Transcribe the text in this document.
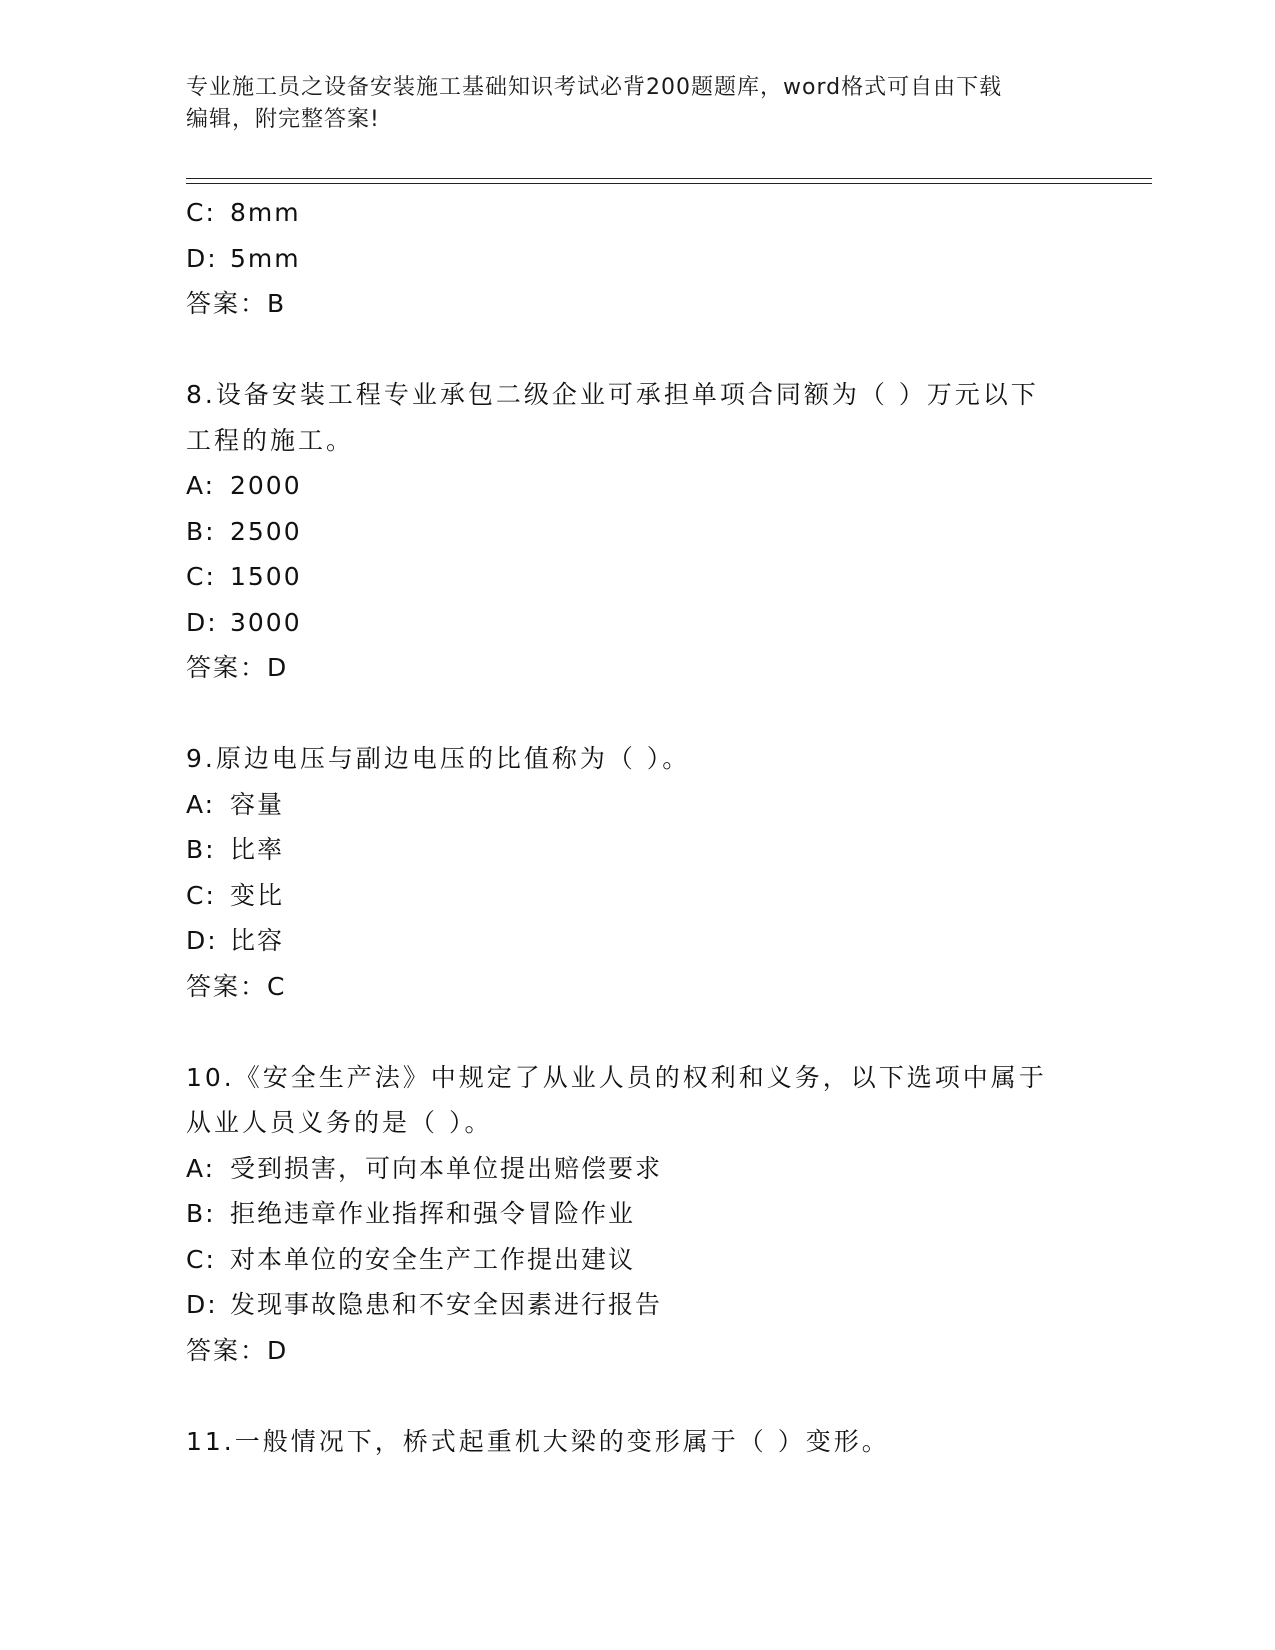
专业施工员之设备安装施工基础知识考试必背200题题库，word格式可自由下载
编辑，附完整答案!
C: 8mm
D: 5mm
答案：B
8.设备安装工程专业承包二级企业可承担单项合同额为（ ）万元以下
工程的施工。
A: 2000
B: 2500
C: 1500
D: 3000
答案：D
9.原边电压与副边电压的比值称为（ ）。
A: 容量
B: 比率
C: 变比
D: 比容
答案：C
10.《安全生产法》中规定了从业人员的权利和义务，以下选项中属于
从业人员义务的是（ ）。
A: 受到损害，可向本单位提出赔偿要求
B: 拒绝违章作业指挥和强令冒险作业
C: 对本单位的安全生产工作提出建议
D: 发现事故隐患和不安全因素进行报告
答案：D
11.一般情况下，桥式起重机大梁的变形属于（ ）变形。
